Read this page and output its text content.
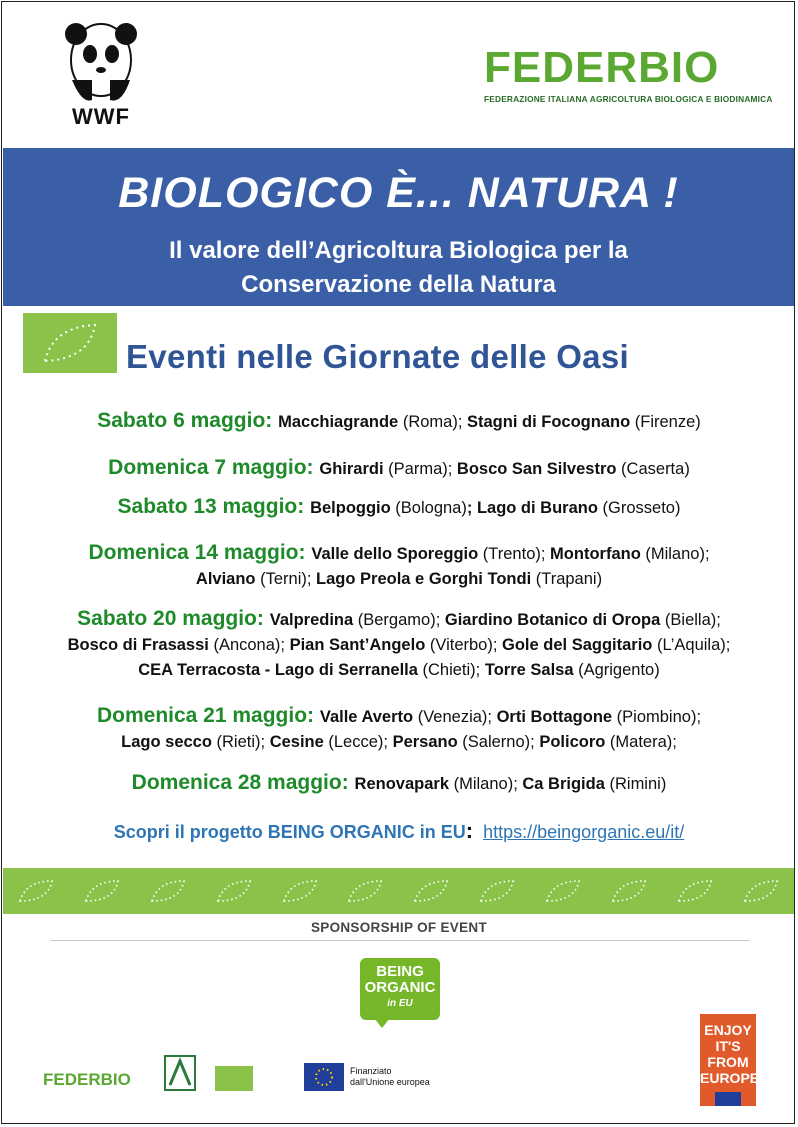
WWF
FEDERBIO
FEDERAZIONE ITALIANA AGRICOLTURA BIOLOGICA E BIODINAMICA
BIOLOGICO È... NATURA !
Il valore dell’Agricoltura Biologica per la
Conservazione della Natura
Eventi nelle Giornate delle Oasi
Sabato 6 maggio: Macchiagrande (Roma); Stagni di Focognano (Firenze)
Domenica 7 maggio: Ghirardi (Parma); Bosco San Silvestro (Caserta)
Sabato 13 maggio: Belpoggio (Bologna); Lago di Burano (Grosseto)
Domenica 14 maggio: Valle dello Sporeggio (Trento); Montorfano (Milano);
Alviano (Terni); Lago Preola e Gorghi Tondi (Trapani)
Sabato 20 maggio: Valpredina (Bergamo); Giardino Botanico di Oropa (Biella);
Bosco di Frasassi (Ancona); Pian Sant’Angelo (Viterbo); Gole del Saggitario (L’Aquila);
CEA Terracosta - Lago di Serranella (Chieti); Torre Salsa (Agrigento)
Domenica 21 maggio: Valle Averto (Venezia); Orti Bottagone (Piombino);
Lago secco (Rieti); Cesine (Lecce); Persano (Salerno); Policoro (Matera);
Domenica 28 maggio: Renovapark (Milano); Ca Brigida (Rimini)
Scopri il progetto BEING ORGANIC in EU: https://beingorganic.eu/it/
SPONSORSHIP OF EVENT
BEING
ORGANIC
in EU
FEDERBIO	Finanziato
dall'Unione europea
ENJOY
IT'S FROM
EUROPE
